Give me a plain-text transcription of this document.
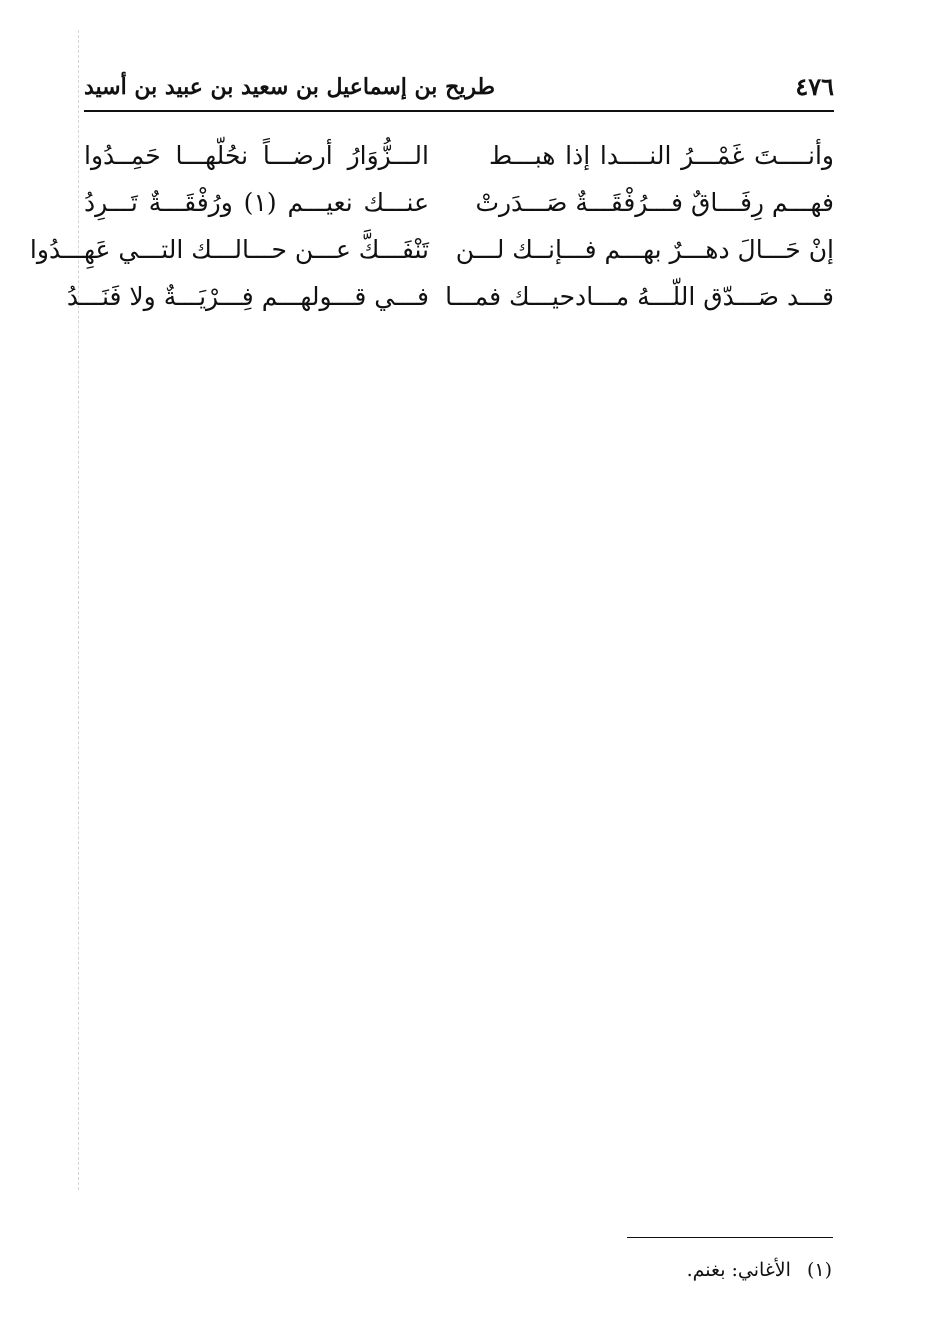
٤٧٦
طريح بن إسماعيل بن سعيد بن عبيد بن أسيد
وأنــــتَ غَمْـــرُ النــــدا إذا هبـــط
الـــزُّوَارُ أرضـــاً نحُلّهـــا حَمِــدُوا
فهـــم رِفَـــاقٌ فـــرُفْقَـــةٌ صَـــدَرتْ
عنـــك نعيـــم (١) ورُفْقَـــةٌ تَـــرِدُ
إنْ حَـــالَ دهـــرٌ بهـــم فـــإنــك لـــن
تَنْفَـــكَّ عـــن حـــالـــك التـــي عَهِـــدُوا
قـــد صَـــدّق اللّـــهُ مـــادحيـــك فمـــا
فـــي قـــولهـــم فِـــرْيَـــةٌ ولا فَنَـــدُ
(١) الأغاني: بغنم.
